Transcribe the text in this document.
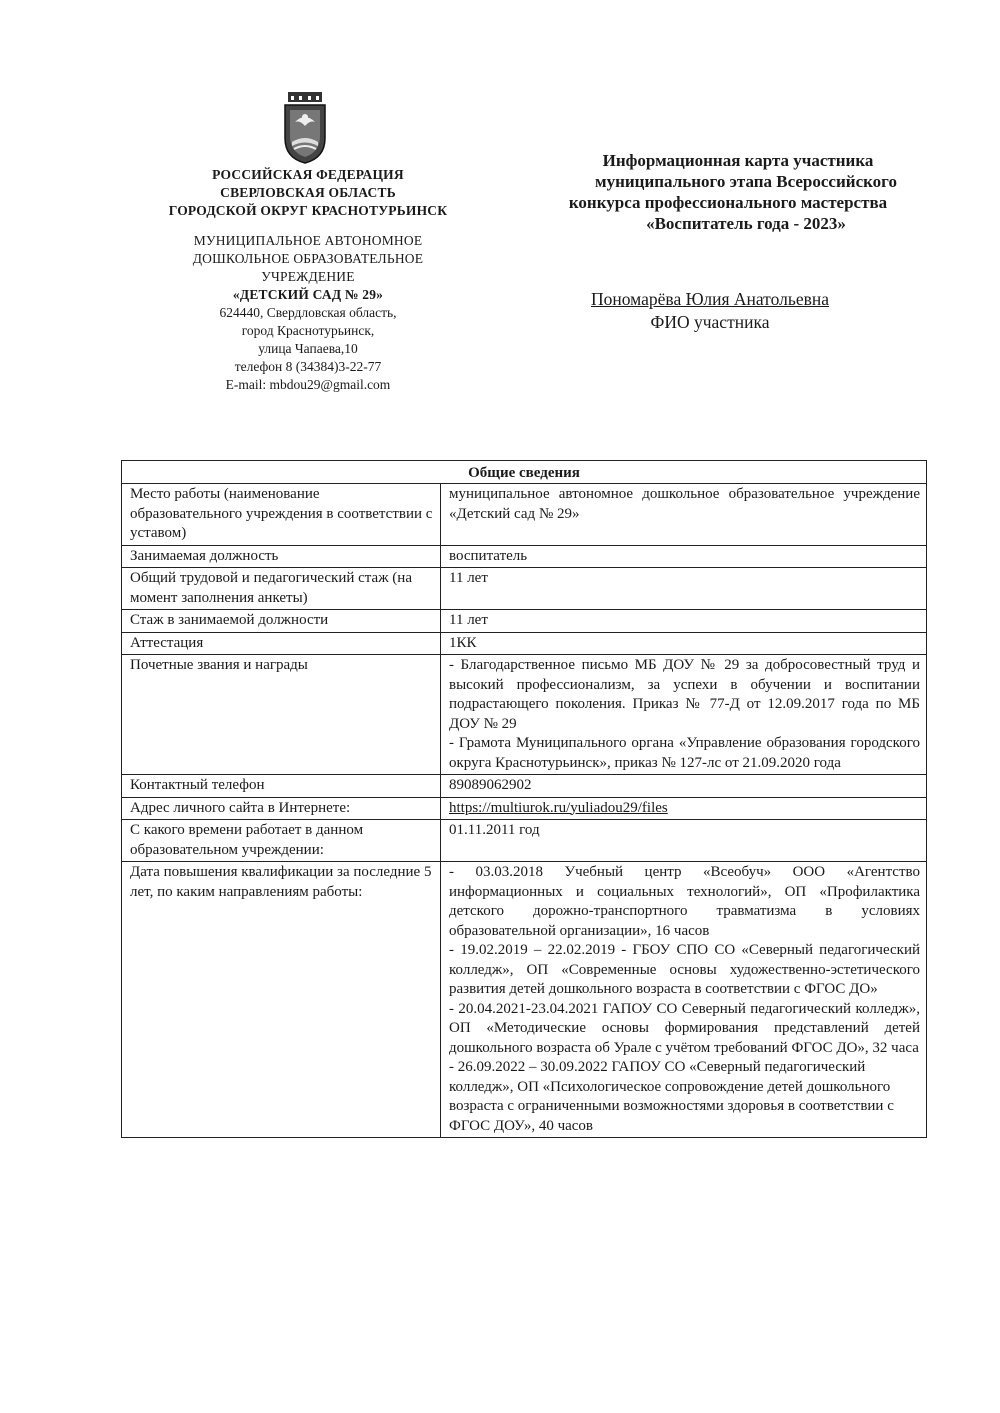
РОССИЙСКАЯ ФЕДЕРАЦИЯ
СВЕРЛОВСКАЯ ОБЛАСТЬ
ГОРОДСКОЙ ОКРУГ КРАСНОТУРЬИНСК
МУНИЦИПАЛЬНОЕ АВТОНОМНОЕ
ДОШКОЛЬНОЕ ОБРАЗОВАТЕЛЬНОЕ
УЧРЕЖДЕНИЕ
«ДЕТСКИЙ САД № 29»
624440, Свердловская область,
город Краснотурьинск,
улица Чапаева,10
телефон 8 (34384)3-22-77
E-mail: mbdou29@gmail.com
Информационная карта участника
муниципального этапа Всероссийского
конкурса профессионального мастерства
«Воспитатель года - 2023»
Пономарёва Юлия Анатольевна
ФИО участника
Общие сведения	
Место работы (наименование образовательного учреждения в соответствии с уставом)	муниципальное автономное дошкольное образовательное учреждение «Детский сад № 29»
Занимаемая должность	воспитатель
Общий трудовой и педагогический стаж (на момент заполнения анкеты)	11 лет
Стаж в занимаемой должности	11 лет
Аттестация	1КК
Почетные звания и награды	- Благодарственное письмо МБ ДОУ № 29 за добросовестный труд и высокий профессионализм, за успехи в обучении и воспитании подрастающего поколения. Приказ № 77-Д от 12.09.2017 года по МБ ДОУ № 29
- Грамота Муниципального органа «Управление образования городского округа Краснотурьинск», приказ № 127-лс от 21.09.2020 года

Контактный телефон	89089062902
Адрес личного сайта в Интернете:	https://multiurok.ru/yuliadou29/files
С какого времени работает в данном образовательном учреждении:	01.11.2011 год
Дата повышения квалификации за последние 5 лет, по каким направлениям работы:	- 03.03.2018 Учебный центр «Всеобуч» ООО «Агентство информационных и социальных технологий», ОП «Профилактика детского дорожно-транспортного травматизма в условиях образовательной организации», 16 часов
- 19.02.2019 – 22.02.2019 - ГБОУ СПО СО «Северный педагогический колледж», ОП «Современные основы художественно-эстетического развития детей дошкольного возраста в соответствии с ФГОС ДО»
- 20.04.2021-23.04.2021 ГАПОУ СО Северный педагогический колледж», ОП «Методические основы формирования представлений детей дошкольного возраста об Урале с учётом требований ФГОС ДО», 32 часа
- 26.09.2022 – 30.09.2022 ГАПОУ СО «Северный педагогический колледж», ОП «Психологическое сопровождение детей дошкольного возраста с ограниченными возможностями здоровья в соответствии с ФГОС ДОУ», 40 часов
